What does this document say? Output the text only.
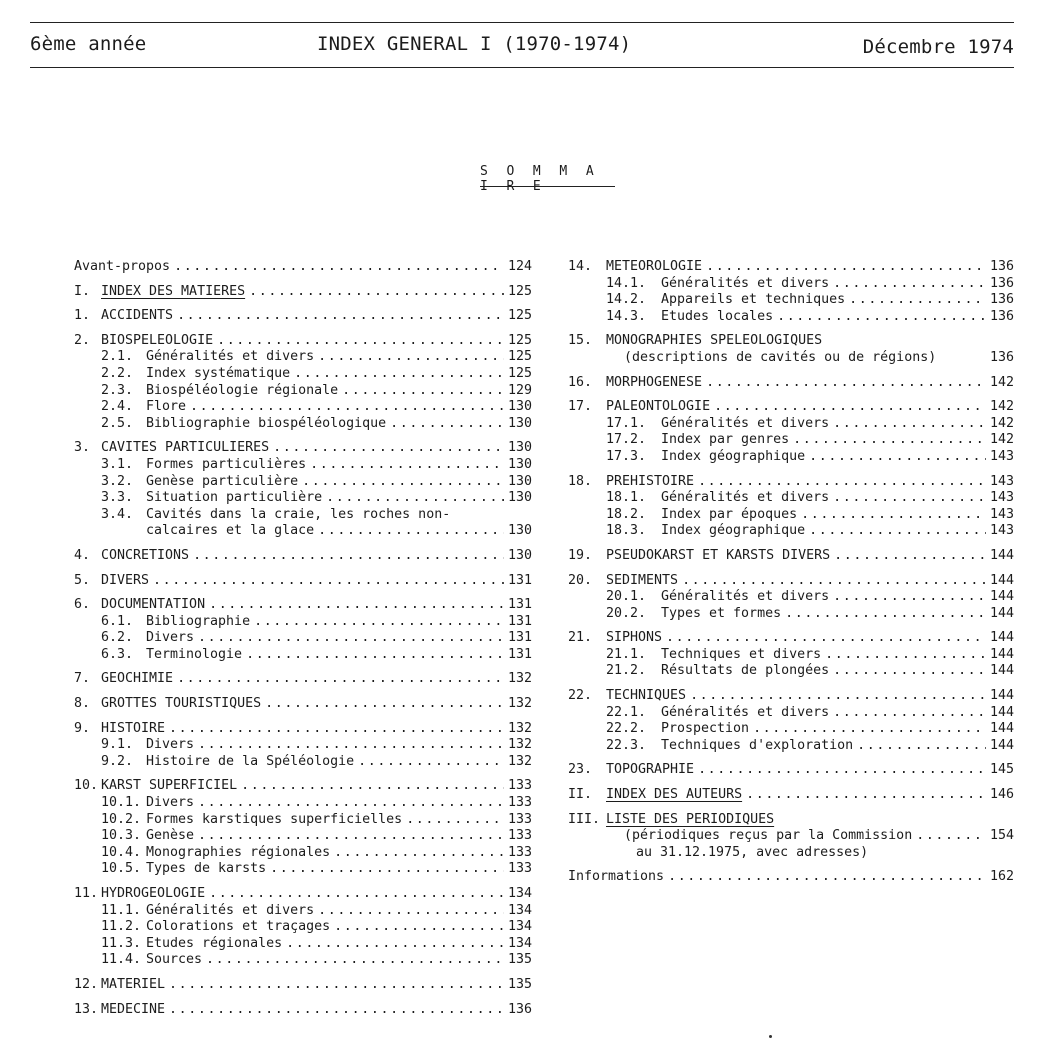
6ème année	INDEX GENERAL I (1970-1974)	Décembre 1974
S O M M A I R E
Avant-propos . . .	124
I. INDEX DES MATIERES . . .	125
1. ACCIDENTS . . .	125
2. BIOSPELEOLOGIE . . .	125
2.1. Généralités et divers . . .	125
2.2. Index systématique . . .	125
2.3. Biospéléologie régionale . . .	129
2.4. Flore . . .	130
2.5. Bibliographie biospéléologique . . .	130
3. CAVITES PARTICULIERES . . .	130
3.1. Formes particulières . . .	130
3.2. Genèse particulière . . .	130
3.3. Situation particulière . . .	130
3.4. Cavités dans la craie, les roches non-
calcaires et la glace . . .	130
4. CONCRETIONS . . .	130
5. DIVERS . . .	131
6. DOCUMENTATION . . .	131
6.1. Bibliographie . . .	131
6.2. Divers . . .	131
6.3. Terminologie . . .	131
7. GEOCHIMIE . . .	132
8. GROTTES TOURISTIQUES . . .	132
9. HISTOIRE . . .	132
9.1. Divers . . .	132
9.2. Histoire de la Spéléologie . . .	132
10. KARST SUPERFICIEL . . .	133
10.1. Divers . . .	133
10.2. Formes karstiques superficielles . . .	133
10.3. Genèse . . .	133
10.4. Monographies régionales . . .	133
10.5. Types de karsts . . .	133
11. HYDROGEOLOGIE . . .	134
11.1. Généralités et divers . . .	134
11.2. Colorations et traçages . . .	134
11.3. Etudes régionales . . .	134
11.4. Sources . . .	135
12. MATERIEL . . .	135
13. MEDECINE . . .	136
14. METEOROLOGIE . . .	136
14.1. Généralités et divers . . .	136
14.2. Appareils et techniques . . .	136
14.3. Etudes locales . . .	136
15. MONOGRAPHIES SPELEOLOGIQUES
(descriptions de cavités ou de régions)	136
16. MORPHOGENESE . . .	142
17. PALEONTOLOGIE . . .	142
17.1. Généralités et divers . . .	142
17.2. Index par genres . . .	142
17.3. Index géographique . . .	143
18. PREHISTOIRE . . .	143
18.1. Généralités et divers . . .	143
18.2. Index par époques . . .	143
18.3. Index géographique . . .	143
19. PSEUDOKARST ET KARSTS DIVERS . . .	144
20. SEDIMENTS . . .	144
20.1. Généralités et divers . . .	144
20.2. Types et formes . . .	144
21. SIPHONS . . .	144
21.1. Techniques et divers . . .	144
21.2. Résultats de plongées . . .	144
22. TECHNIQUES . . .	144
22.1. Généralités et divers . . .	144
22.2. Prospection . . .	144
22.3. Techniques d'exploration . . .	144
23. TOPOGRAPHIE . . .	145
II. INDEX DES AUTEURS . . .	146
III. LISTE DES PERIODIQUES
(périodiques reçus par la Commission . . .	154
au 31.12.1975, avec adresses)
Informations . . .	162
